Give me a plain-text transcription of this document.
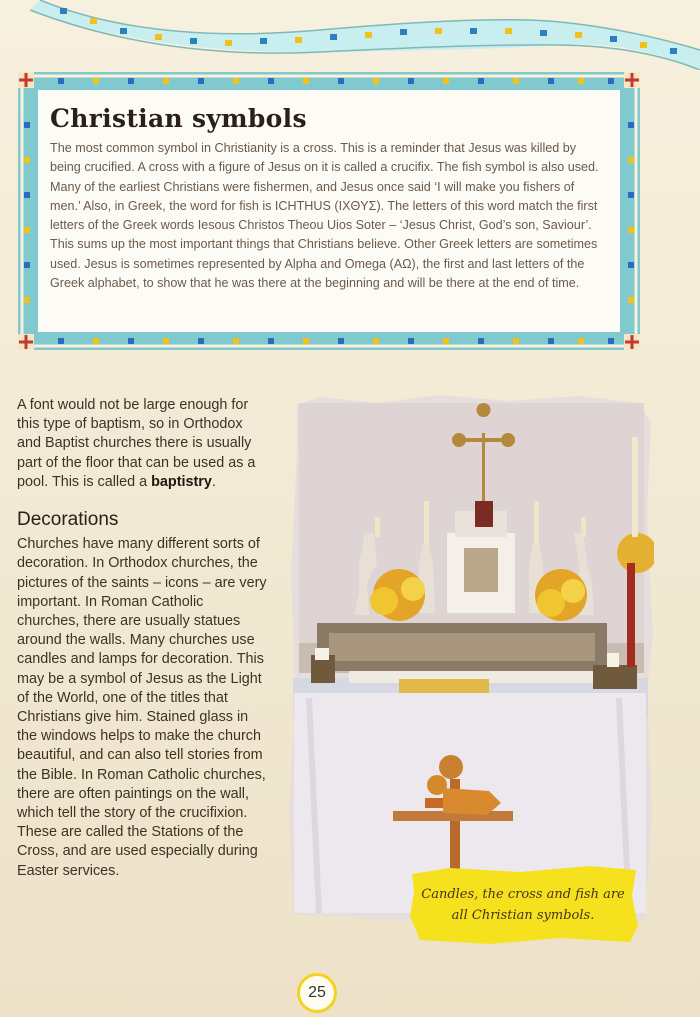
Christian symbols

The most common symbol in Christianity is a cross. This is a reminder that Jesus was killed by being crucified. A cross with a figure of Jesus on it is called a crucifix. The fish symbol is also used. Many of the earliest Christians were fishermen, and Jesus once said ‘I will make you fishers of men.’ Also, in Greek, the word for fish is ICHTHUS (IXΘYΣ). The letters of this word match the first letters of the Greek words Iesous Christos Theou Uios Soter – ‘Jesus Christ, God’s son, Saviour’. This sums up the most important things that Christians believe. Other Greek letters are sometimes used. Jesus is sometimes represented by Alpha and Omega (AΩ), the first and last letters of the Greek alphabet, to show that he was there at the beginning and will be there at the end of time.

A font would not be large enough for this type of baptism, so in Orthodox and Baptist churches there is usually part of the floor that can be used as a pool. This is called a baptistry.

Decorations

Churches have many different sorts of decoration. In Orthodox churches, the pictures of the saints – icons – are very important. In Roman Catholic churches, there are usually statues around the walls. Many churches use candles and lamps for decoration. This may be a symbol of Jesus as the Light of the World, one of the titles that Christians give him. Stained glass in the windows helps to make the church beautiful, and can also tell stories from the Bible. In Roman Catholic churches, there are often paintings on the wall, which tell the story of the crucifixion. These are called the Stations of the Cross, and are used especially during Easter services.

Candles, the cross and fish are all Christian symbols.
25
